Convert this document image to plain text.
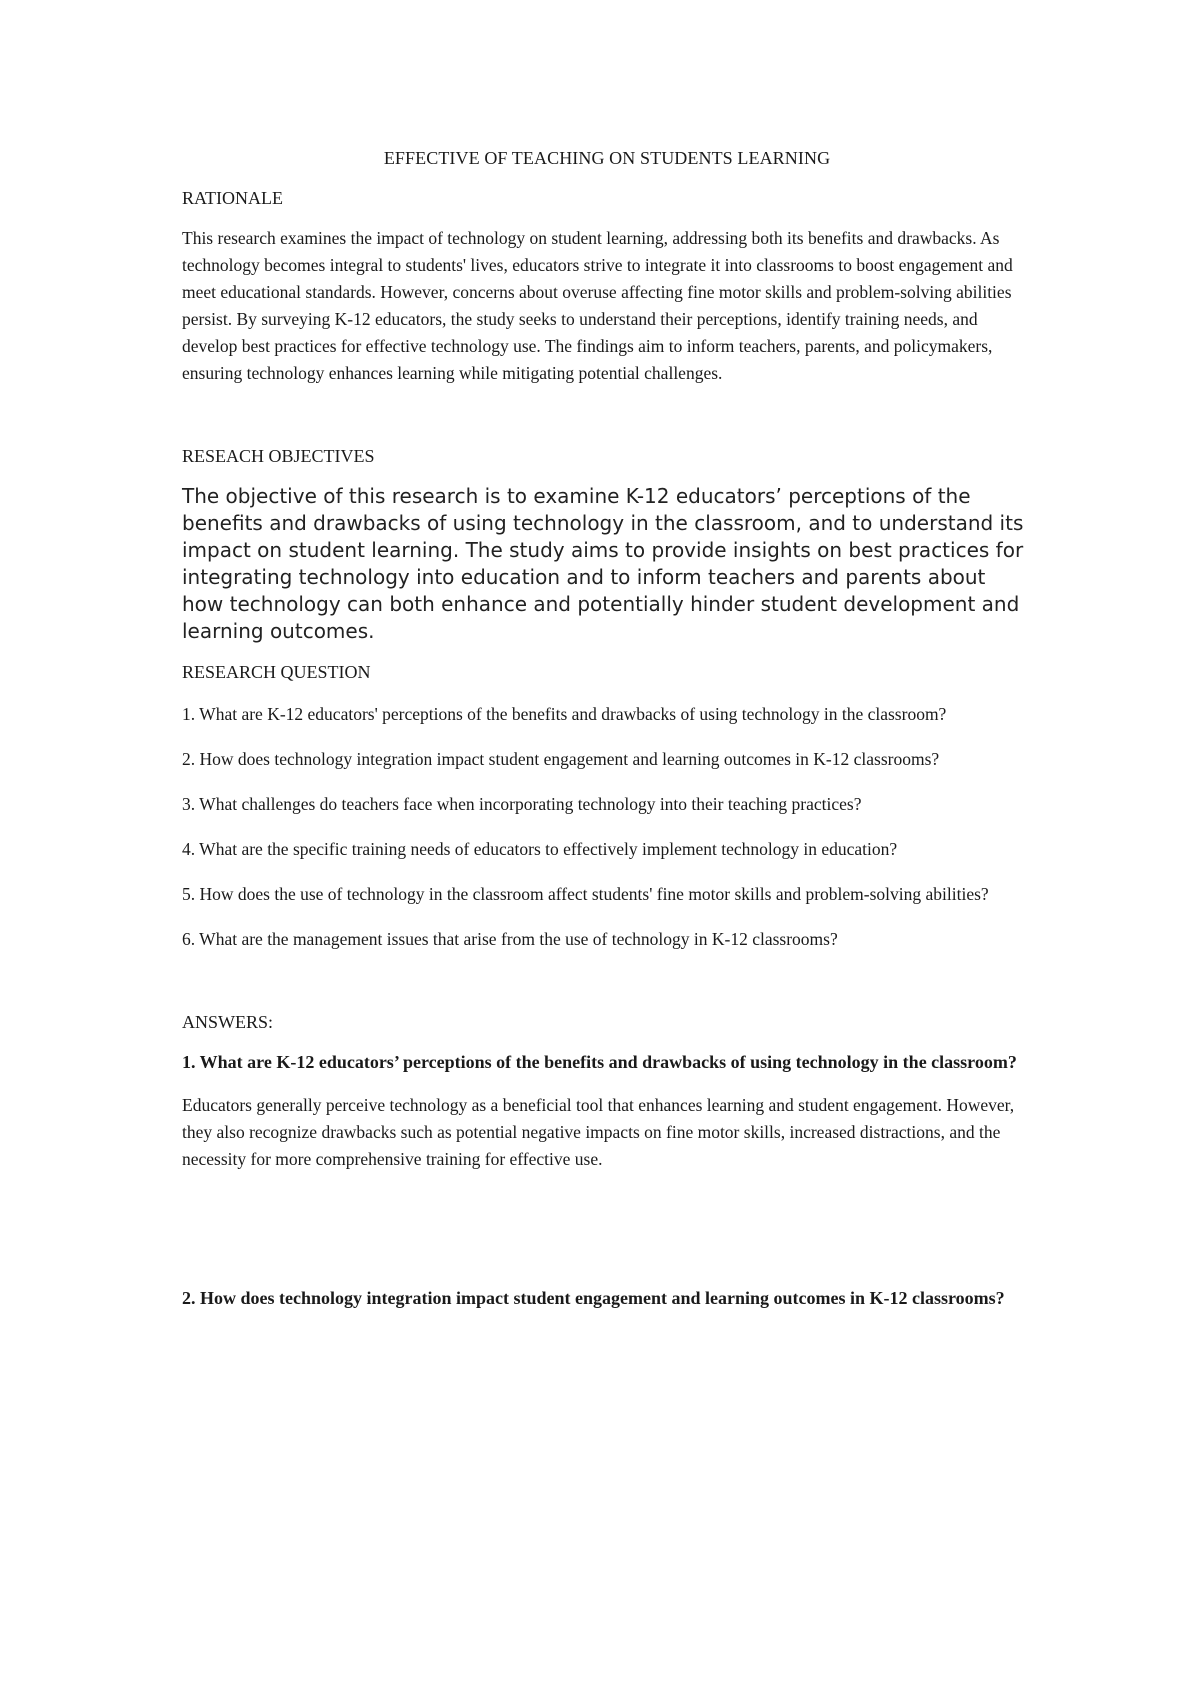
EFFECTIVE OF TEACHING ON STUDENTS LEARNING
RATIONALE

This research examines the impact of technology on student learning, addressing both its benefits and drawbacks. As technology becomes integral to students' lives, educators strive to integrate it into classrooms to boost engagement and meet educational standards. However, concerns about overuse affecting fine motor skills and problem-solving abilities persist. By surveying K-12 educators, the study seeks to understand their perceptions, identify training needs, and develop best practices for effective technology use. The findings aim to inform teachers, parents, and policymakers, ensuring technology enhances learning while mitigating potential challenges.

RESEACH OBJECTIVES

The objective of this research is to examine K-12 educators’ perceptions of the benefits and drawbacks of using technology in the classroom, and to understand its impact on student learning. The study aims to provide insights on best practices for integrating technology into education and to inform teachers and parents about how technology can both enhance and potentially hinder student development and learning outcomes.

RESEARCH QUESTION

1. What are K-12 educators' perceptions of the benefits and drawbacks of using technology in the classroom?

2. How does technology integration impact student engagement and learning outcomes in K-12 classrooms?

3. What challenges do teachers face when incorporating technology into their teaching practices?

4. What are the specific training needs of educators to effectively implement technology in education?

5. How does the use of technology in the classroom affect students' fine motor skills and problem-solving abilities?

6. What are the management issues that arise from the use of technology in K-12 classrooms?

ANSWERS:

1. What are K-12 educators’ perceptions of the benefits and drawbacks of using technology in the classroom?

Educators generally perceive technology as a beneficial tool that enhances learning and student engagement. However, they also recognize drawbacks such as potential negative impacts on fine motor skills, increased distractions, and the necessity for more comprehensive training for effective use.

2. How does technology integration impact student engagement and learning outcomes in K-12 classrooms?
